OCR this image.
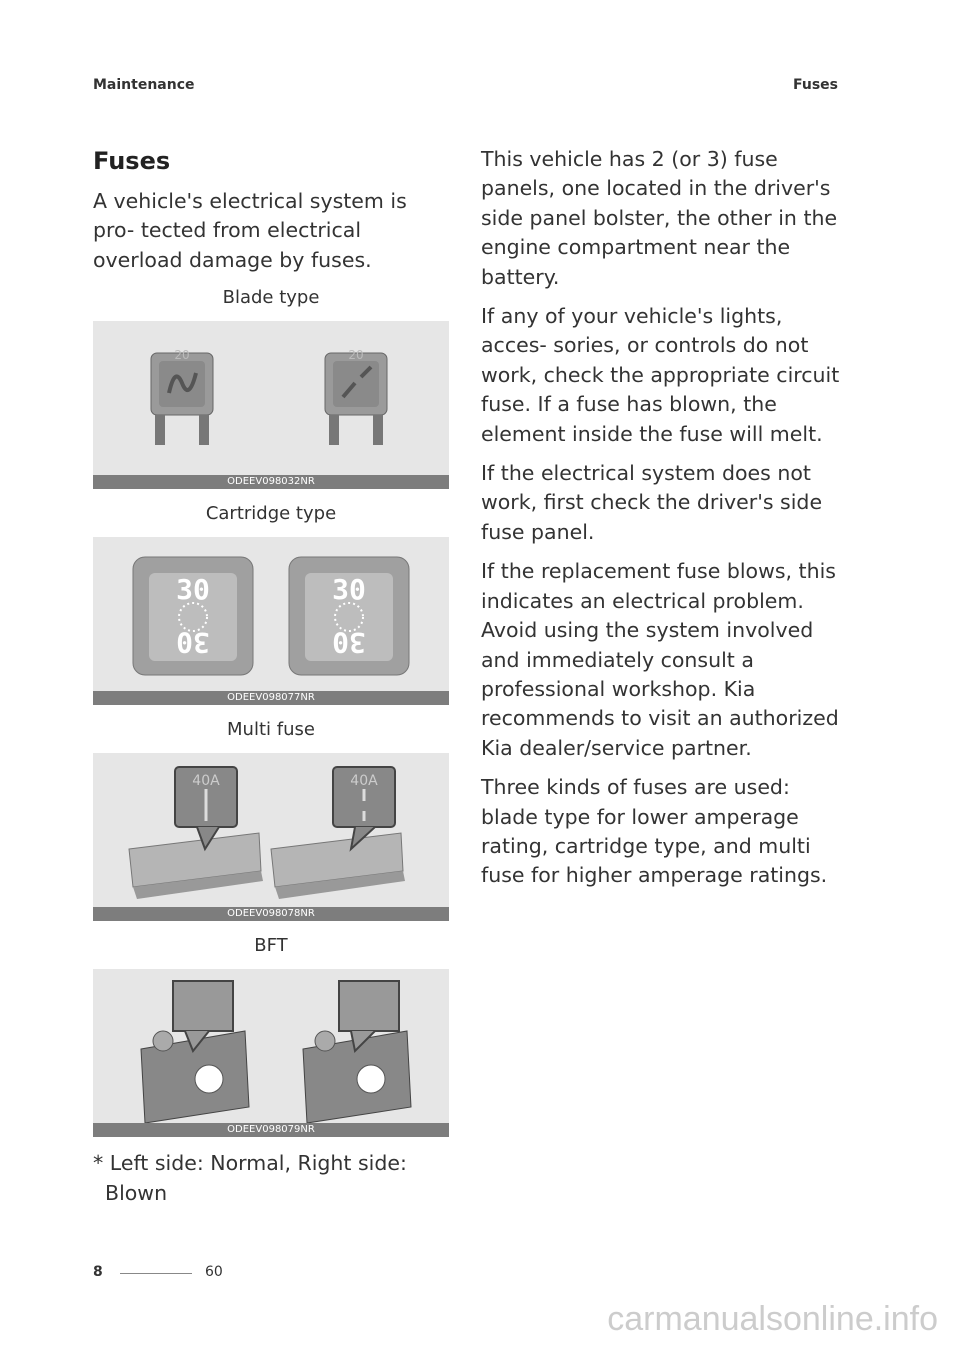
Maintenance	Fuses
Fuses

A vehicle's electrical system is pro- tected from electrical overload damage by fuses.

Blade type
20	20
ODEEV098032NR
Cartridge type
30
30
30
30
ODEEV098077NR
Multi fuse
40A	40A
ODEEV098078NR
BFT
ODEEV098079NR
* Left side: Normal, Right side: Blown

This vehicle has 2 (or 3) fuse panels, one located in the driver's side panel bolster, the other in the engine compartment near the battery.

If any of your vehicle's lights, acces- sories, or controls do not work, check the appropriate circuit fuse. If a fuse has blown, the element inside the fuse will melt.

If the electrical system does not work, first check the driver's side fuse panel.

If the replacement fuse blows, this indicates an electrical problem. Avoid using the system involved and immediately consult a professional workshop. Kia recommends to visit an authorized Kia dealer/service partner.

Three kinds of fuses are used: blade type for lower amperage rating, cartridge type, and multi fuse for higher amperage ratings.

8	60
carmanualsonline.info
